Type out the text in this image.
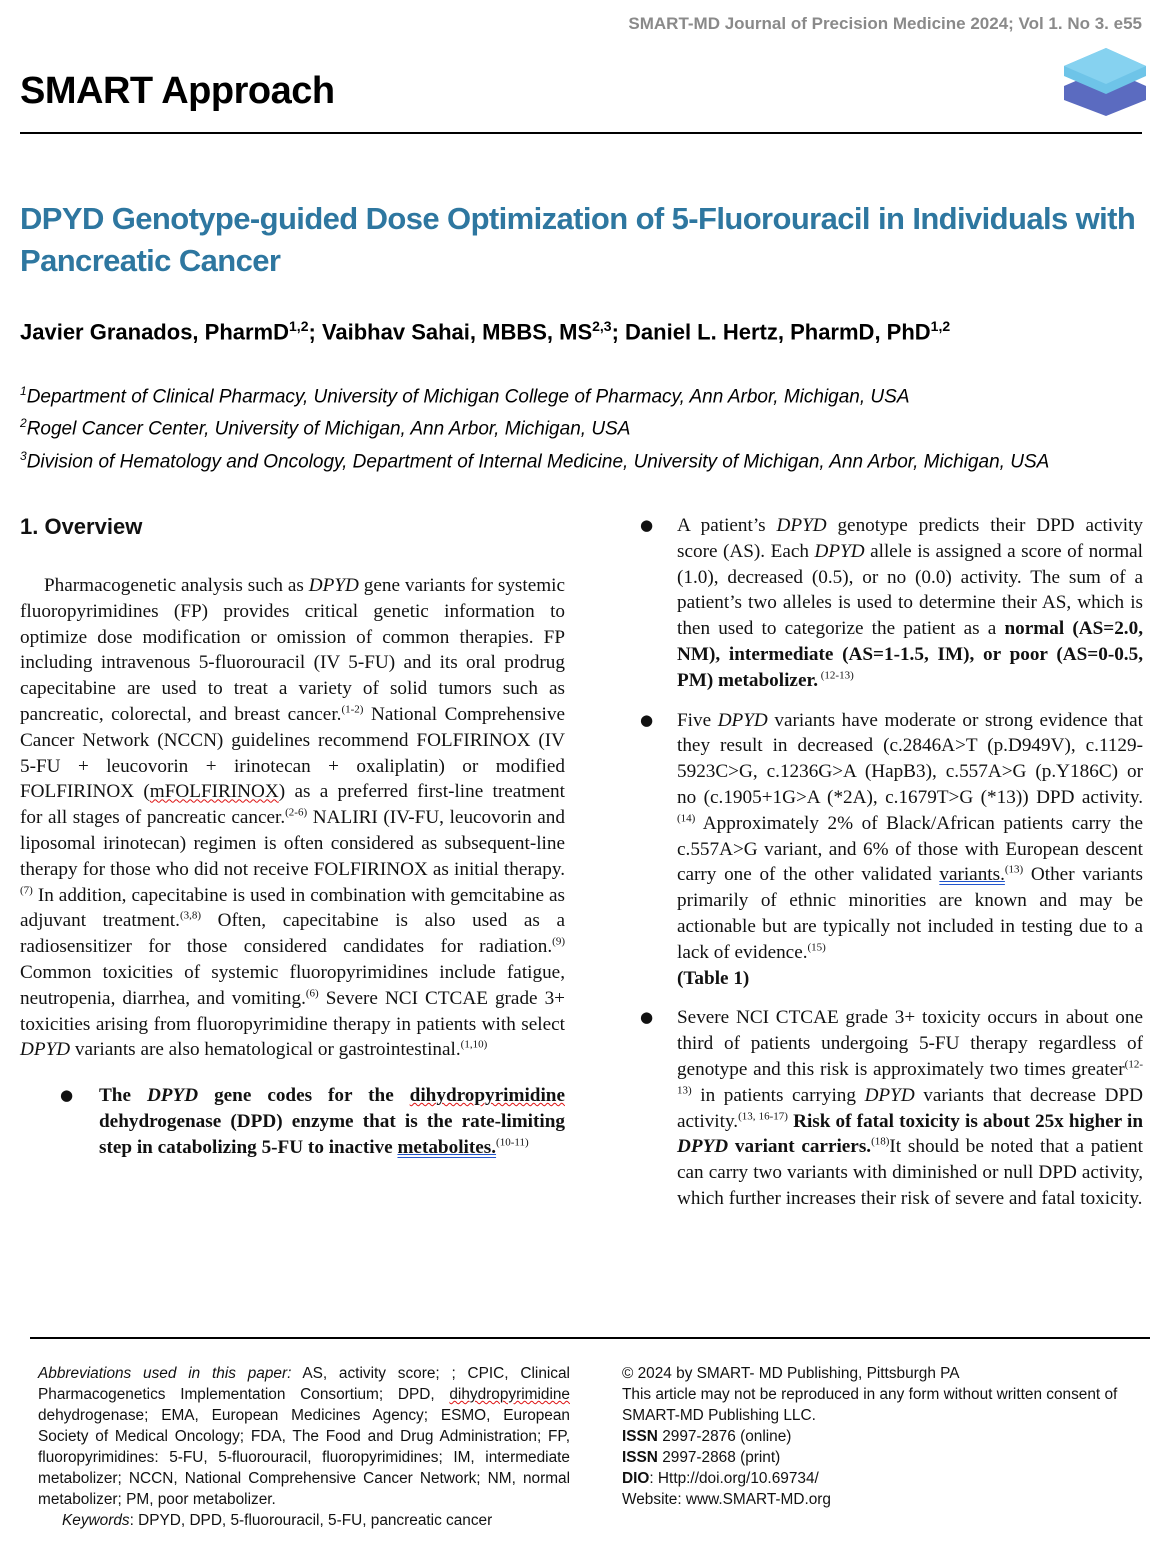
SMART-MD Journal of Precision Medicine 2024; Vol 1. No 3. e55
SMART Approach
DPYD Genotype-guided Dose Optimization of 5-Fluorouracil in Individuals with Pancreatic Cancer
Javier Granados, PharmD$^{1,2}$; Vaibhav Sahai, MBBS, MS$^{2,3}$; Daniel L. Hertz, PharmD, PhD$^{1,2}$
$^1$Department of Clinical Pharmacy, University of Michigan College of Pharmacy, Ann Arbor, Michigan, USA
$^2$Rogel Cancer Center, University of Michigan, Ann Arbor, Michigan, USA
$^3$Division of Hematology and Oncology, Department of Internal Medicine, University of Michigan, Ann Arbor, Michigan, USA
1. Overview

Pharmacogenetic analysis such as DPYD gene variants for systemic fluoropyrimidines (FP) provides critical genetic information to optimize dose modification or omission of common therapies. FP including intravenous 5-fluorouracil (IV 5-FU) and its oral prodrug capecitabine are used to treat a variety of solid tumors such as pancreatic, colorectal, and breast cancer.$^{(1-2)}$ National Comprehensive Cancer Network (NCCN) guidelines recommend FOLFIRINOX (IV 5-FU + leucovorin + irinotecan + oxaliplatin) or modified FOLFIRINOX (mFOLFIRINOX) as a preferred first-line treatment for all stages of pancreatic cancer.$^{(2-6)}$ NALIRI (IV-FU, leucovorin and liposomal irinotecan) regimen is often considered as subsequent-line therapy for those who did not receive FOLFIRINOX as initial therapy.$^{(7)}$ In addition, capecitabine is used in combination with gemcitabine as adjuvant treatment.$^{(3,8)}$ Often, capecitabine is also used as a radiosensitizer for those considered candidates for radiation.$^{(9)}$ Common toxicities of systemic fluoropyrimidines include fatigue, neutropenia, diarrhea, and vomiting.$^{(6)}$ Severe NCI CTCAE grade 3+ toxicities arising from fluoropyrimidine therapy in patients with select DPYD variants are also hematological or gastrointestinal.$^{(1,10)}$

● The DPYD gene codes for the dihydropyrimidine dehydrogenase (DPD) enzyme that is the rate-limiting step in catabolizing 5-FU to inactive metabolites.$^{(10-11)}$
● A patient’s DPYD genotype predicts their DPD activity score (AS). Each DPYD allele is assigned a score of normal (1.0), decreased (0.5), or no (0.0) activity. The sum of a patient’s two alleles is used to determine their AS, which is then used to categorize the patient as a normal (AS=2.0, NM), intermediate (AS=1-1.5, IM), or poor (AS=0-0.5, PM) metabolizer. $^{(12-13)}$
● Five DPYD variants have moderate or strong evidence that they result in decreased (c.2846A>T (p.D949V), c.1129-5923C>G, c.1236G>A (HapB3), c.557A>G (p.Y186C) or no (c.1905+1G>A (*2A), c.1679T>G (*13)) DPD activity. $^{(14)}$ Approximately 2% of Black/African patients carry the c.557A>G variant, and 6% of those with European descent carry one of the other validated variants.$^{(13)}$ Other variants primarily of ethnic minorities are known and may be actionable but are typically not included in testing due to a lack of evidence.$^{(15)}$
(Table 1)
● Severe NCI CTCAE grade 3+ toxicity occurs in about one third of patients undergoing 5-FU therapy regardless of genotype and this risk is approximately two times greater$^{(12-13)}$ in patients carrying DPYD variants that decrease DPD activity.$^{(13, 16-17)}$ Risk of fatal toxicity is about 25x higher in DPYD variant carriers.$^{(18)}$It should be noted that a patient can carry two variants with diminished or null DPD activity, which further increases their risk of severe and fatal toxicity.

Abbreviations used in this paper: AS, activity score; ; CPIC, Clinical Pharmacogenetics Implementation Consortium; DPD, dihydropyrimidine dehydrogenase; EMA, European Medicines Agency; ESMO, European Society of Medical Oncology; FDA, The Food and Drug Administration; FP, fluoropyrimidines: 5-FU, 5-fluorouracil, fluoropyrimidines; IM, intermediate metabolizer; NCCN, National Comprehensive Cancer Network; NM, normal metabolizer; PM, poor metabolizer.

Keywords: DPYD, DPD, 5-fluorouracil, 5-FU, pancreatic cancer

© 2024 by SMART- MD Publishing, Pittsburgh PA
This article may not be reproduced in any form without written consent of SMART-MD Publishing LLC.
ISSN 2997-2876 (online)
ISSN 2997-2868 (print)
DIO: Http://doi.org/10.69734/
Website: www.SMART-MD.org
